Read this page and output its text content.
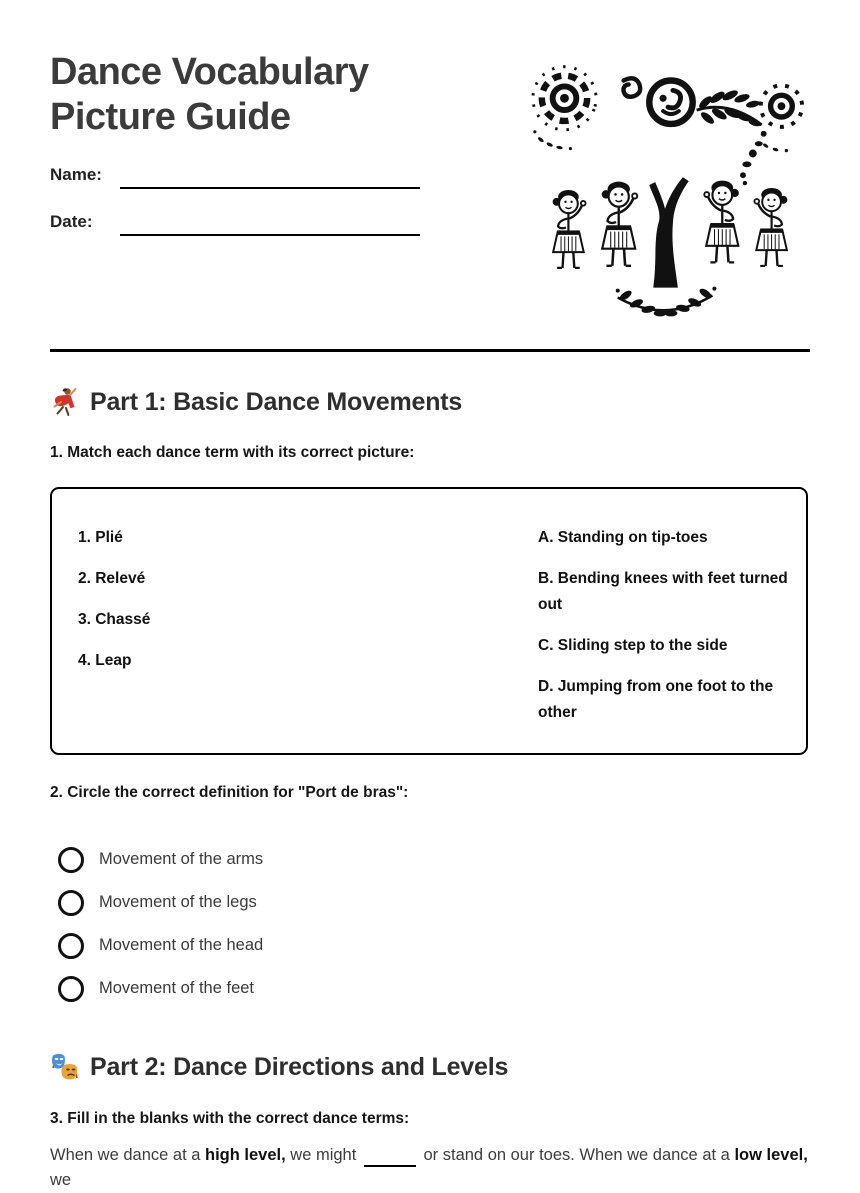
Dance Vocabulary Picture Guide
Name:
Date:
Part 1: Basic Dance Movements
1. Match each dance term with its correct picture:
1. Plié
2. Relevé
3. Chassé
4. Leap
A. Standing on tip-toes
B. Bending knees with feet turned out
C. Sliding step to the side
D. Jumping from one foot to the other
2. Circle the correct definition for "Port de bras":
Movement of the arms
Movement of the legs
Movement of the head
Movement of the feet
Part 2: Dance Directions and Levels
3. Fill in the blanks with the correct dance terms:
When we dance at a high level, we might	or stand on our toes. When we dance at a low level, we
